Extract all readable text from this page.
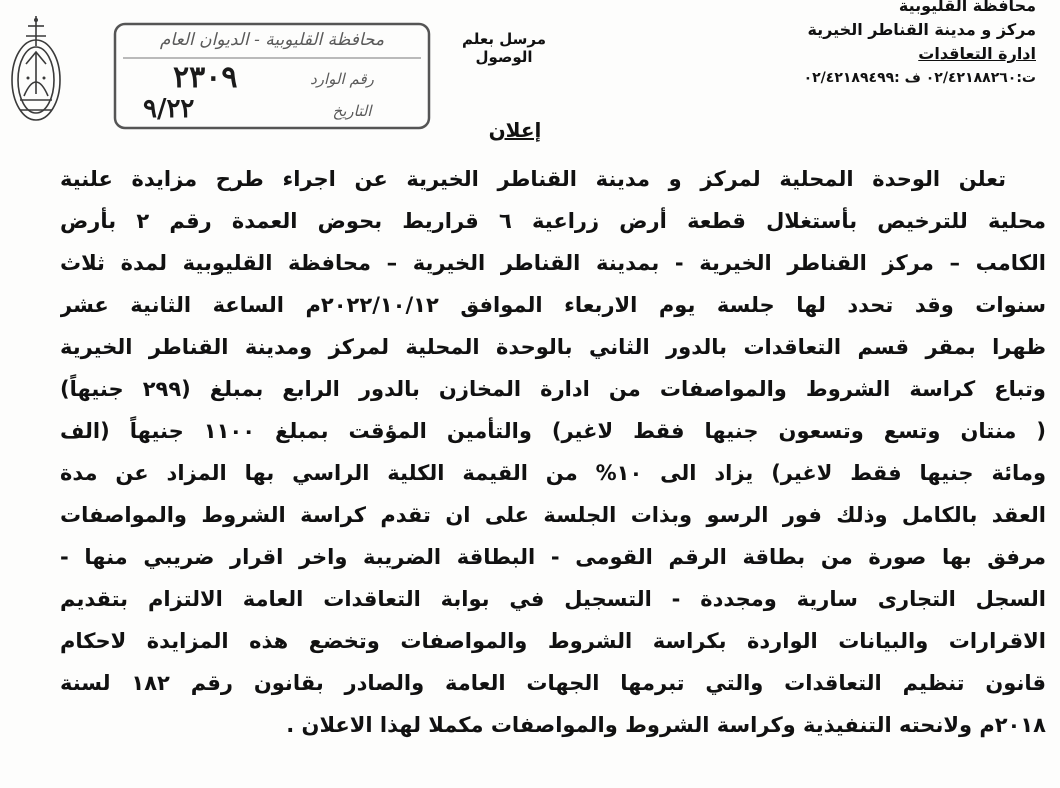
محافظة القليوبية - الديوان العام
رقم الوارد
التاريخ
٢٣٠٩
٩/٢٢
مرسل بعلم الوصول
محافظة القليوبية
مركز و مدينة القناطر الخيرية
ادارة التعاقدات
ت:٠٢/٤٢١٨٨٢٦٠ ف :٠٢/٤٢١٨٩٤٩٩
إعلان
تعلن الوحدة المحلية لمركز و مدينة القناطر الخيرية عن اجراء طرح مزايدة علنية
محلية للترخيص بأستغلال قطعة أرض زراعية ٦ قراريط بحوض العمدة رقم ٢ بأرض
الكامب – مركز القناطر الخيرية - بمدينة القناطر الخيرية – محافظة القليوبية لمدة ثلاث
سنوات وقد تحدد لها جلسة يوم الاربعاء الموافق ٢٠٢٢/١٠/١٢م الساعة الثانية عشر
ظهرا بمقر قسم التعاقدات بالدور الثاني بالوحدة المحلية لمركز ومدينة القناطر الخيرية
وتباع كراسة الشروط والمواصفات من ادارة المخازن بالدور الرابع بمبلغ (٢٩٩ جنيهاً)
( منتان وتسع وتسعون جنيها فقط لاغير) والتأمين المؤقت بمبلغ ١١٠٠ جنيهاً (الف
ومائة جنيها فقط لاغير) يزاد الى ١٠% من القيمة الكلية الراسي بها المزاد عن مدة
العقد بالكامل وذلك فور الرسو وبذات الجلسة على ان تقدم كراسة الشروط والمواصفات
مرفق بها صورة من بطاقة الرقم القومى - البطاقة الضريبة واخر اقرار ضريبي منها -
السجل التجارى سارية ومجددة - التسجيل في بوابة التعاقدات العامة الالتزام بتقديم
الاقرارات والبيانات الواردة بكراسة الشروط والمواصفات وتخضع هذه المزايدة لاحكام
قانون تنظيم التعاقدات والتي تبرمها الجهات العامة والصادر بقانون رقم ١٨٢ لسنة
٢٠١٨م ولانحته التنفيذية وكراسة الشروط والمواصفات مكملا لهذا الاعلان .
